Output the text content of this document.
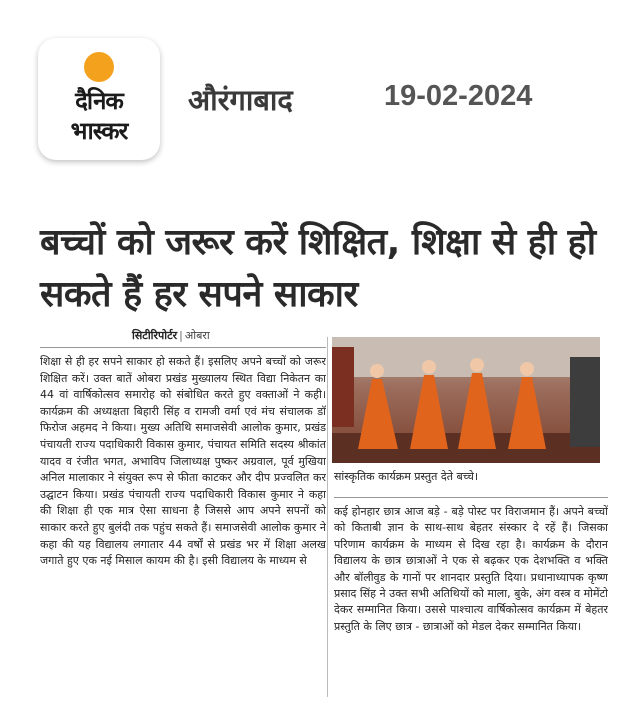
दैनिक
भास्कर
औरंगाबाद	19-02-2024
बच्चों को जरूर करें शिक्षित, शिक्षा से ही हो सकते हैं हर सपने साकार
सिटीरिपोर्टर | ओबरा
शिक्षा से ही हर सपने साकार हो सकते हैं। इसलिए अपने बच्चों को जरूर शिक्षित करें। उक्त बातें ओबरा प्रखंड मुख्यालय स्थित विद्या निकेतन का 44 वां वार्षिकोत्सव समारोह को संबोधित करते हुए वक्ताओं ने कही। कार्यक्रम की अध्यक्षता बिहारी सिंह व रामजी वर्मा एवं मंच संचालक डॉ फिरोज अहमद ने किया। मुख्य अतिथि समाजसेवी आलोक कुमार, प्रखंड पंचायती राज्य पदाधिकारी विकास कुमार, पंचायत समिति सदस्य श्रीकांत यादव व रंजीत भगत, अभाविप जिलाध्यक्ष पुष्कर अग्रवाल, पूर्व मुखिया अनिल मालाकार ने संयुक्त रूप से फीता काटकर और दीप प्रज्वलित कर उद्घाटन किया। प्रखंड पंचायती राज्य पदाधिकारी विकास कुमार ने कहा की शिक्षा ही एक मात्र ऐसा साधना है जिससे आप अपने सपनों को साकार करते हुए बुलंदी तक पहुंच सकते हैं। समाजसेवी आलोक कुमार ने कहा की यह विद्यालय लगातार 44 वर्षों से प्रखंड भर में शिक्षा अलख जगाते हुए एक नई मिसाल कायम की है। इसी विद्यालय के माध्यम से
सांस्कृतिक कार्यक्रम प्रस्तुत देते बच्चे।
कई होनहार छात्र आज बड़े - बड़े पोस्ट पर विराजमान हैं। अपने बच्चों को किताबी ज्ञान के साथ-साथ बेहतर संस्कार दे रहें हैं। जिसका परिणाम कार्यक्रम के माध्यम से दिख रहा है। कार्यक्रम के दौरान विद्यालय के छात्र छात्राओं ने एक से बढ़कर एक देशभक्ति व भक्ति और बॉलीवुड के गानों पर शानदार प्रस्तुति दिया। प्रधानाध्यापक कृष्ण प्रसाद सिंह ने उक्त सभी अतिथियों को माला, बुके, अंग वस्त्र व मोमेंटो देकर सम्मानित किया। उससे पाश्चात्य वार्षिकोत्सव कार्यक्रम में बेहतर प्रस्तुति के लिए छात्र - छात्राओं को मेडल देकर सम्मानित किया।
